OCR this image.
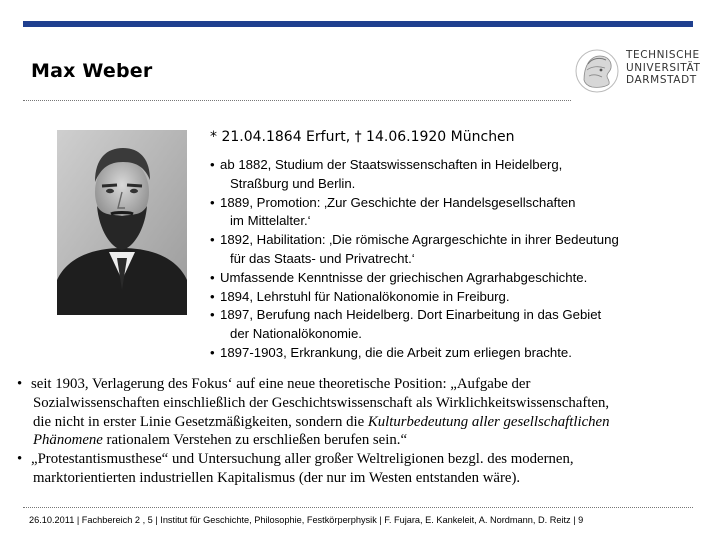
Max Weber
TECHNISCHE
UNIVERSITÄT
DARMSTADT
* 21.04.1864 Erfurt, † 14.06.1920 München
• ab 1882, Studium der Staatswissenschaften in Heidelberg,
Straßburg und Berlin.
• 1889, Promotion: ‚Zur Geschichte der Handelsgesellschaften
im Mittelalter.‘
• 1892, Habilitation: ‚Die römische Agrargeschichte in ihrer Bedeutung
für das Staats- und Privatrecht.‘
• Umfassende Kenntnisse der griechischen Agrarhabgeschichte.
• 1894, Lehrstuhl für Nationalökonomie in Freiburg.
• 1897, Berufung nach Heidelberg. Dort Einarbeitung in das Gebiet
der Nationalökonomie.
• 1897-1903, Erkrankung, die die Arbeit zum erliegen brachte.
• seit 1903, Verlagerung des Fokus‘ auf eine neue theoretische Position: „Aufgabe der
Sozialwissenschaften einschließlich der Geschichtswissenschaft als Wirklichkeitswissenschaften,
die nicht in erster Linie Gesetzmäßigkeiten, sondern die Kulturbedeutung aller gesellschaftlichen
Phänomene rationalem Verstehen zu erschließen berufen sein.“
• „Protestantismusthese“ und Untersuchung aller großer Weltreligionen bezgl. des modernen,
marktorientierten industriellen Kapitalismus (der nur im Westen entstanden wäre).
26.10.2011 | Fachbereich 2 , 5 | Institut für Geschichte, Philosophie, Festkörperphysik | F. Fujara, E. Kankeleit, A. Nordmann, D. Reitz | 9
